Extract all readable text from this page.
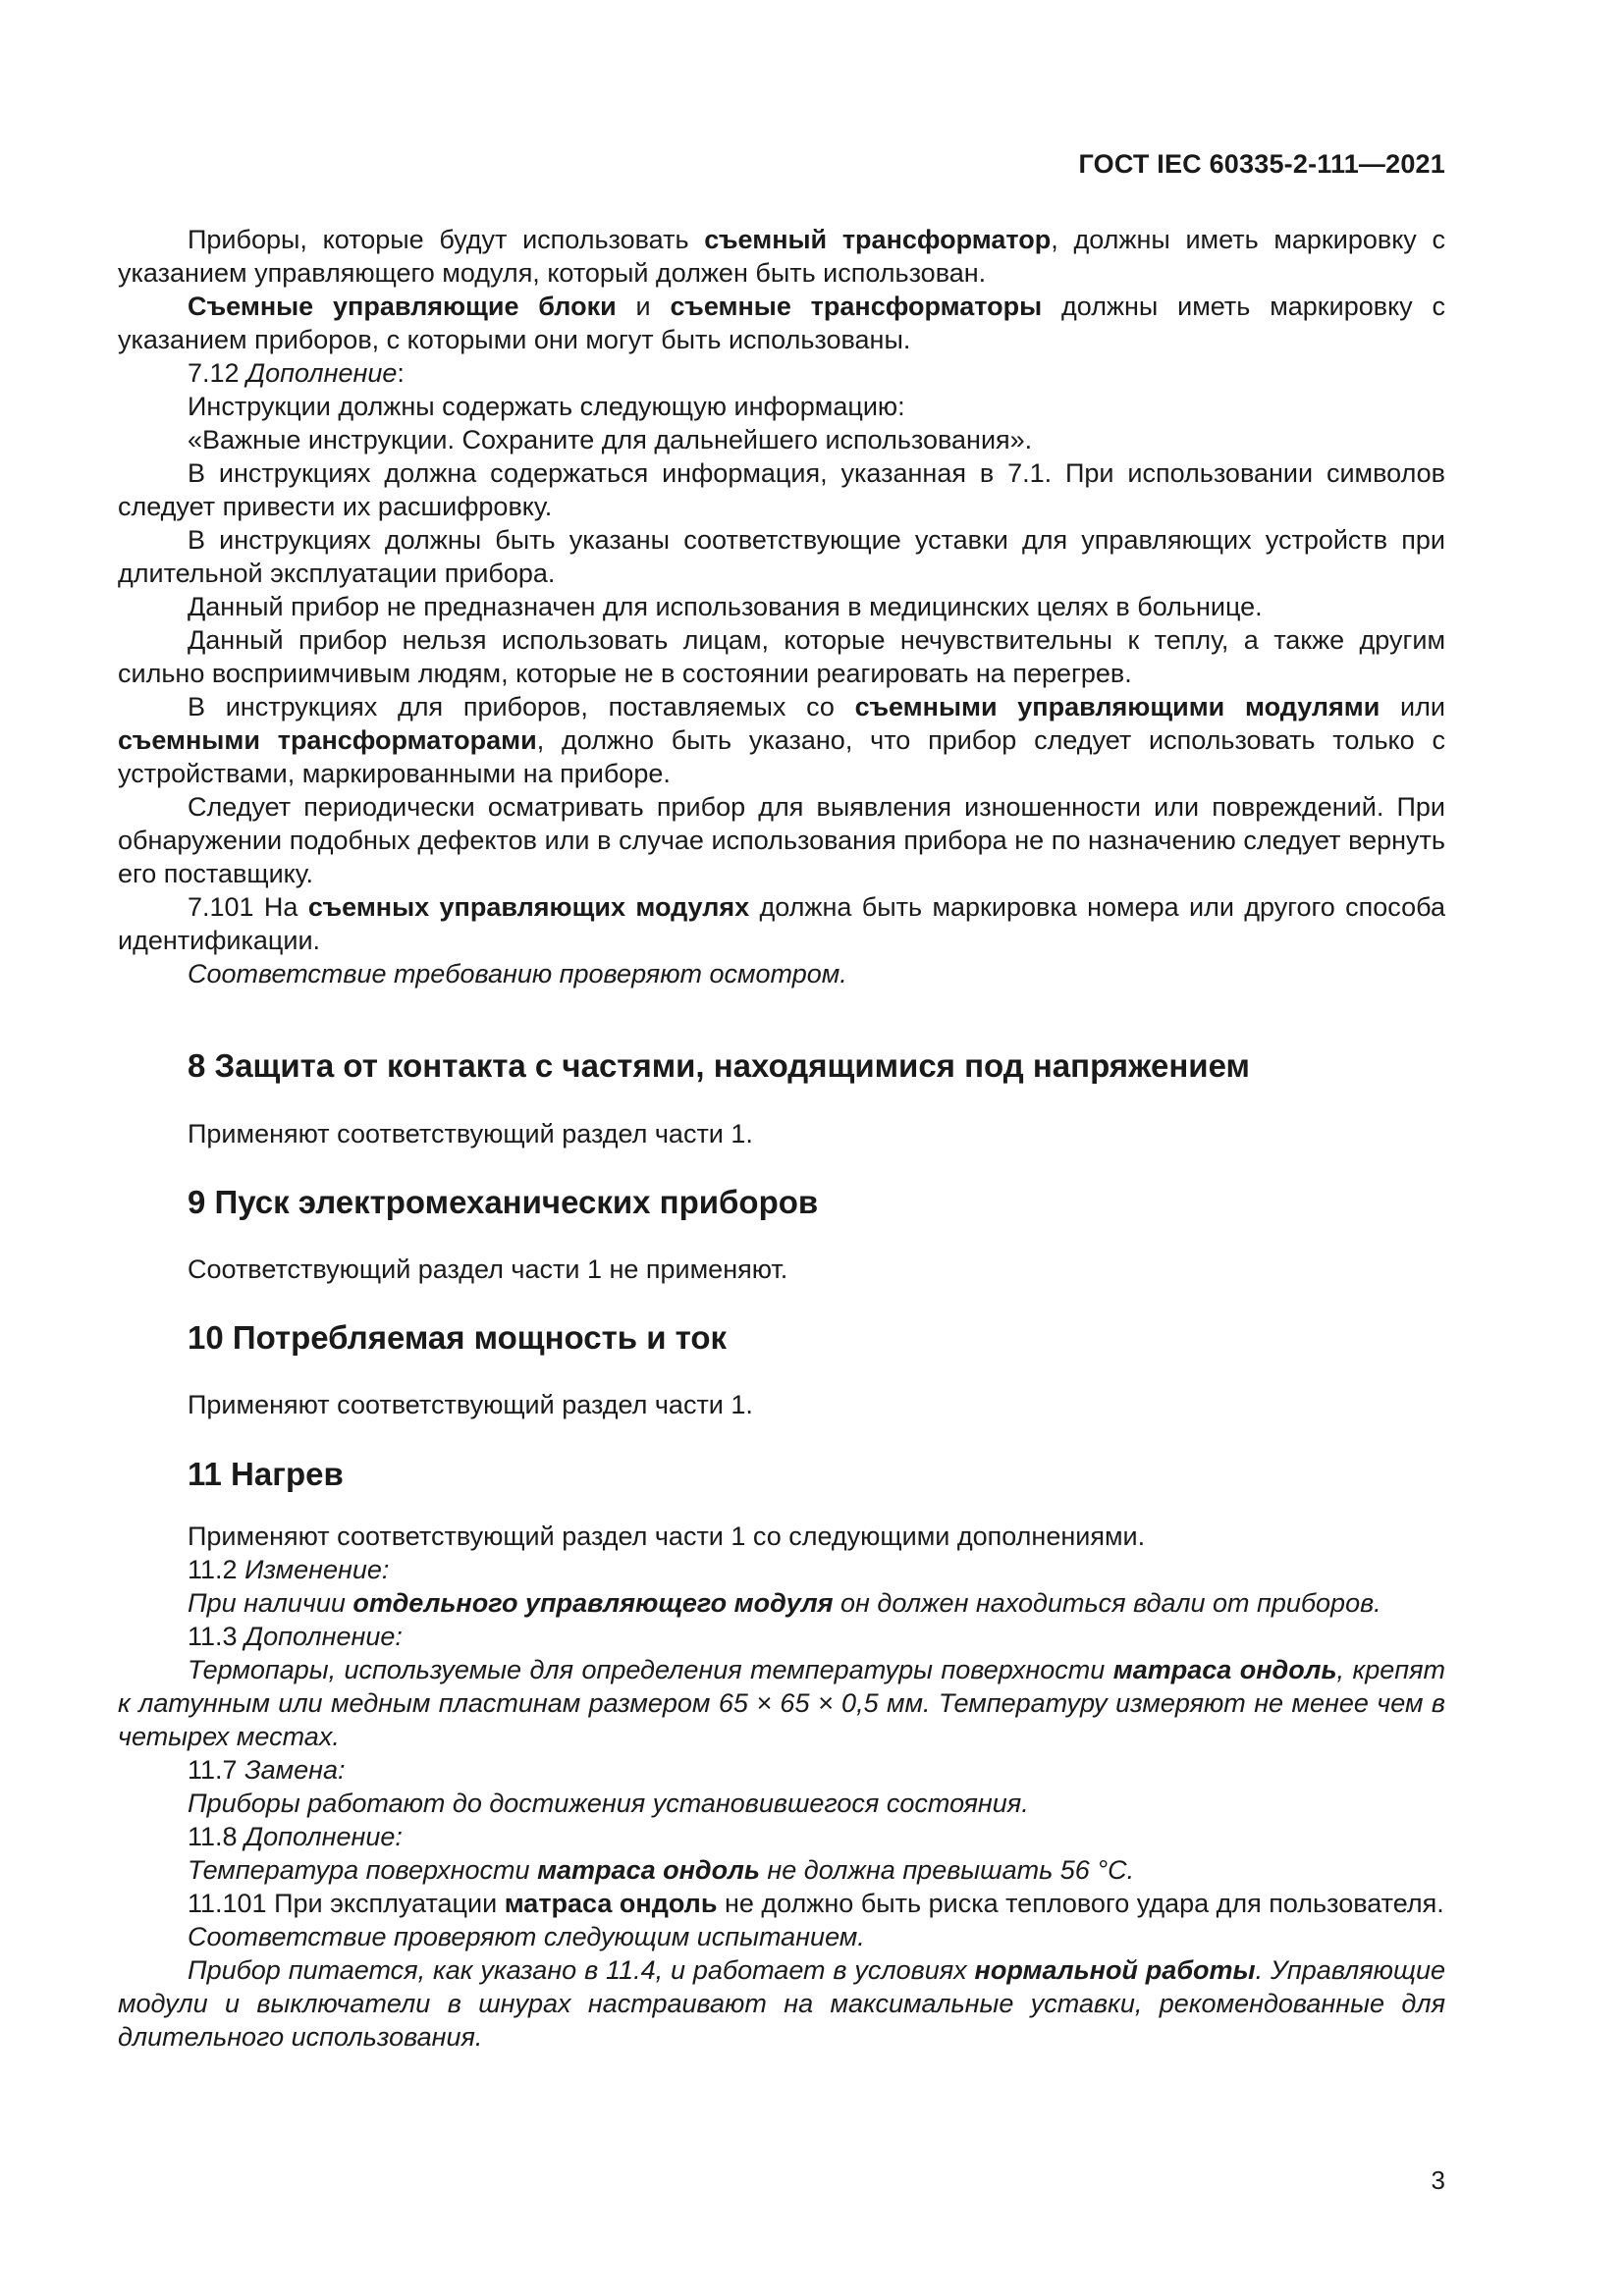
ГОСТ IEC 60335-2-111—2021

Приборы, которые будут использовать съемный трансформатор, должны иметь маркировку с указанием управляющего модуля, который должен быть использован.

Съемные управляющие блоки и съемные трансформаторы должны иметь маркировку с указанием приборов, с которыми они могут быть использованы.

7.12 Дополнение:

Инструкции должны содержать следующую информацию:

«Важные инструкции. Сохраните для дальнейшего использования».

В инструкциях должна содержаться информация, указанная в 7.1. При использовании символов следует привести их расшифровку.

В инструкциях должны быть указаны соответствующие уставки для управляющих устройств при длительной эксплуатации прибора.

Данный прибор не предназначен для использования в медицинских целях в больнице.

Данный прибор нельзя использовать лицам, которые нечувствительны к теплу, а также другим сильно восприимчивым людям, которые не в состоянии реагировать на перегрев.

В инструкциях для приборов, поставляемых со съемными управляющими модулями или съемными трансформаторами, должно быть указано, что прибор следует использовать только с устройствами, маркированными на приборе.

Следует периодически осматривать прибор для выявления изношенности или повреждений. При обнаружении подобных дефектов или в случае использования прибора не по назначению следует вернуть его поставщику.

7.101 На съемных управляющих модулях должна быть маркировка номера или другого способа идентификации.

Соответствие требованию проверяют осмотром.

8 Защита от контакта с частями, находящимися под напряжением

Применяют соответствующий раздел части 1.

9 Пуск электромеханических приборов

Соответствующий раздел части 1 не применяют.

10 Потребляемая мощность и ток

Применяют соответствующий раздел части 1.

11 Нагрев

Применяют соответствующий раздел части 1 со следующими дополнениями.

11.2 Изменение:

При наличии отдельного управляющего модуля он должен находиться вдали от приборов.

11.3 Дополнение:

Термопары, используемые для определения температуры поверхности матраса ондоль, крепят к латунным или медным пластинам размером 65 × 65 × 0,5 мм. Температуру измеряют не менее чем в четырех местах.

11.7 Замена:

Приборы работают до достижения установившегося состояния.

11.8 Дополнение:

Температура поверхности матраса ондоль не должна превышать 56 °С.

11.101 При эксплуатации матраса ондоль не должно быть риска теплового удара для пользователя.

Соответствие проверяют следующим испытанием.

Прибор питается, как указано в 11.4, и работает в условиях нормальной работы. Управляющие модули и выключатели в шнурах настраивают на максимальные уставки, рекомендованные для длительного использования.

3
